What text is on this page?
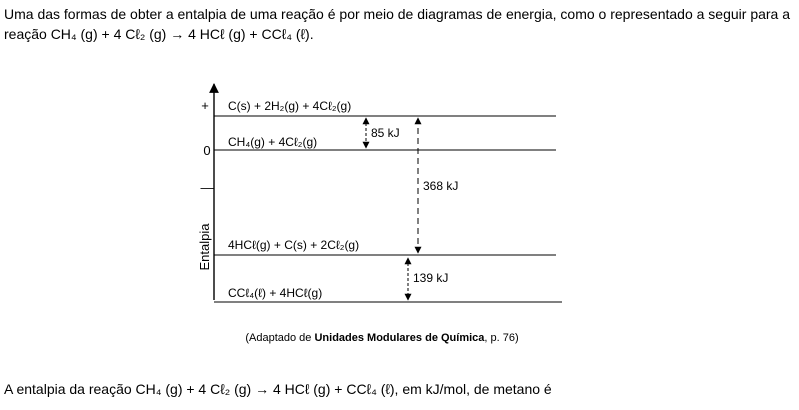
Uma das formas de obter a entalpia de uma reação é por meio de diagramas de energia, como o representado a seguir para a
reação CH₄ (g) + 4 Cℓ₂ (g) → 4 HCℓ (g) + CCℓ₄ (ℓ).

+
0
—
Entalpia
C(s) + 2H₂(g) + 4Cℓ₂(g)
CH₄(g) + 4Cℓ₂(g)
4HCℓ(g) + C(s) + 2Cℓ₂(g)
CCℓ₄(ℓ) + 4HCℓ(g)
85 kJ
368 kJ
139 kJ
(Adaptado de Unidades Modulares de Química, p. 76)

A entalpia da reação CH₄ (g) + 4 Cℓ₂ (g) → 4 HCℓ (g) + CCℓ₄ (ℓ), em kJ/mol, de metano é
